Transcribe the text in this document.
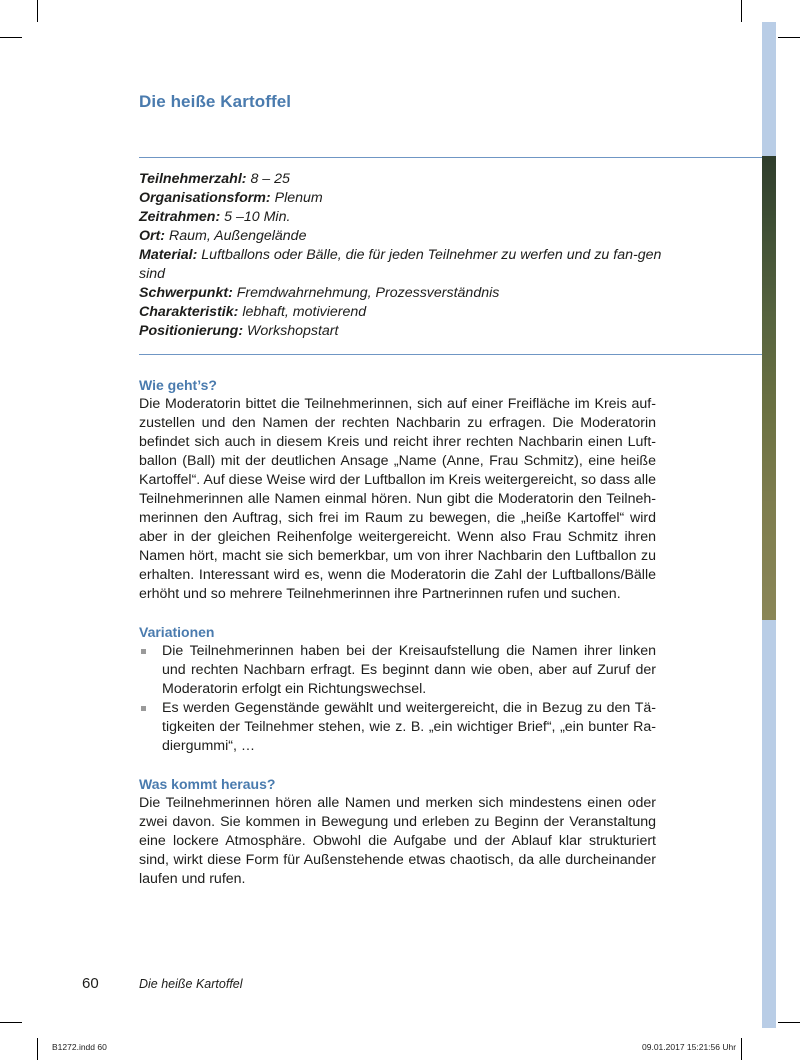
Die heiße Kartoffel

Teilnehmerzahl: 8 – 25

Organisationsform: Plenum

Zeitrahmen: 5 –10 Min.

Ort: Raum, Außengelände

Material: Luftballons oder Bälle, die für jeden Teilnehmer zu werfen und zu fan-gen sind

Schwerpunkt: Fremdwahrnehmung, Prozessverständnis

Charakteristik: lebhaft, motivierend

Positionierung: Workshopstart

Wie geht’s?

Die Moderatorin bittet die Teilnehmerinnen, sich auf einer Freifläche im Kreis aufzustellen und den Namen der rechten Nachbarin zu erfragen. Die Moderatorin befindet sich auch in diesem Kreis und reicht ihrer rechten Nachbarin einen Luftballon (Ball) mit der deutlichen Ansage „Name (Anne, Frau Schmitz), eine heiße Kartoffel“. Auf diese Weise wird der Luftballon im Kreis weitergereicht, so dass alle Teilnehmerinnen alle Namen einmal hören. Nun gibt die Moderatorin den Teilnehmerinnen den Auftrag, sich frei im Raum zu bewegen, die „heiße Kartoffel“ wird aber in der gleichen Reihenfolge weitergereicht. Wenn also Frau Schmitz ihren Namen hört, macht sie sich bemerkbar, um von ihrer Nachbarin den Luftballon zu erhalten. Interessant wird es, wenn die Moderatorin die Zahl der Luftballons/Bälle erhöht und so mehrere Teilnehmerinnen ihre Partnerinnen rufen und suchen.

Variationen
Die Teilnehmerinnen haben bei der Kreisaufstellung die Namen ihrer linken und rechten Nachbarn erfragt. Es beginnt dann wie oben, aber auf Zuruf der Moderatorin erfolgt ein Richtungswechsel.
Es werden Gegenstände gewählt und weitergereicht, die in Bezug zu den Tätigkeiten der Teilnehmer stehen, wie z. B. „ein wichtiger Brief“, „ein bunter Radiergummi“, …
Was kommt heraus?

Die Teilnehmerinnen hören alle Namen und merken sich mindestens einen oder zwei davon. Sie kommen in Bewegung und erleben zu Beginn der Veranstaltung eine lockere Atmosphäre. Obwohl die Aufgabe und der Ablauf klar strukturiert sind, wirkt diese Form für Außenstehende etwas chaotisch, da alle durcheinander laufen und rufen.

60	Die heiße Kartoffel
B1272.indd 60	09.01.2017 15:21:56 Uhr
